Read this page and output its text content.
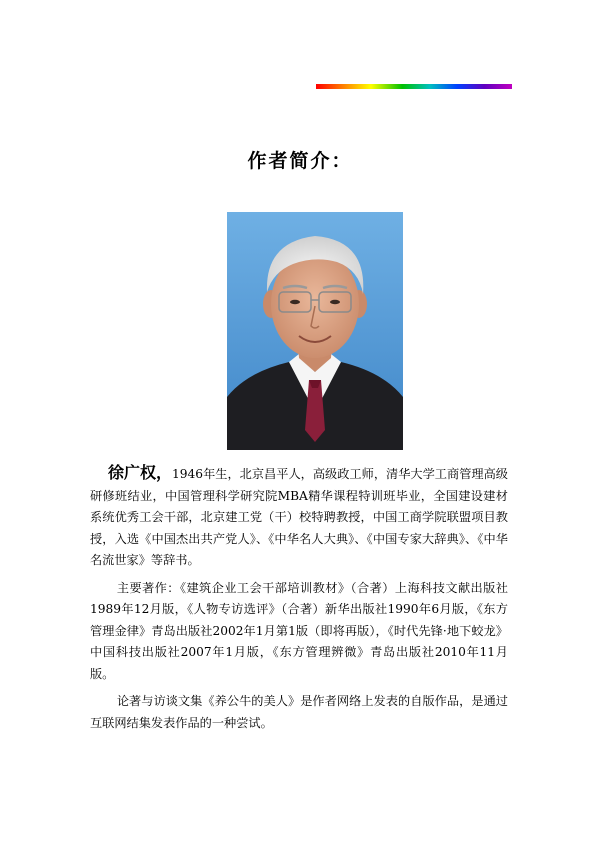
作者简介：

徐广权，1946年生，北京昌平人，高级政工师，清华大学工商管理高级研修班结业，中国管理科学研究院MBA精华课程特训班毕业，全国建设建材系统优秀工会干部，北京建工党（干）校特聘教授，中国工商学院联盟项目教授，入选《中国杰出共产党人》、《中华名人大典》、《中国专家大辞典》、《中华名流世家》等辞书。

主要著作：《建筑企业工会干部培训教材》（合著）上海科技文献出版社1989年12月版，《人物专访选评》（合著）新华出版社1990年6月版，《东方管理金律》青岛出版社2002年1月第1版（即将再版），《时代先锋·地下蛟龙》中国科技出版社2007年1月版，《东方管理辨微》青岛出版社2010年11月版。

论著与访谈文集《养公牛的美人》是作者网络上发表的自版作品，是通过互联网结集发表作品的一种尝试。
